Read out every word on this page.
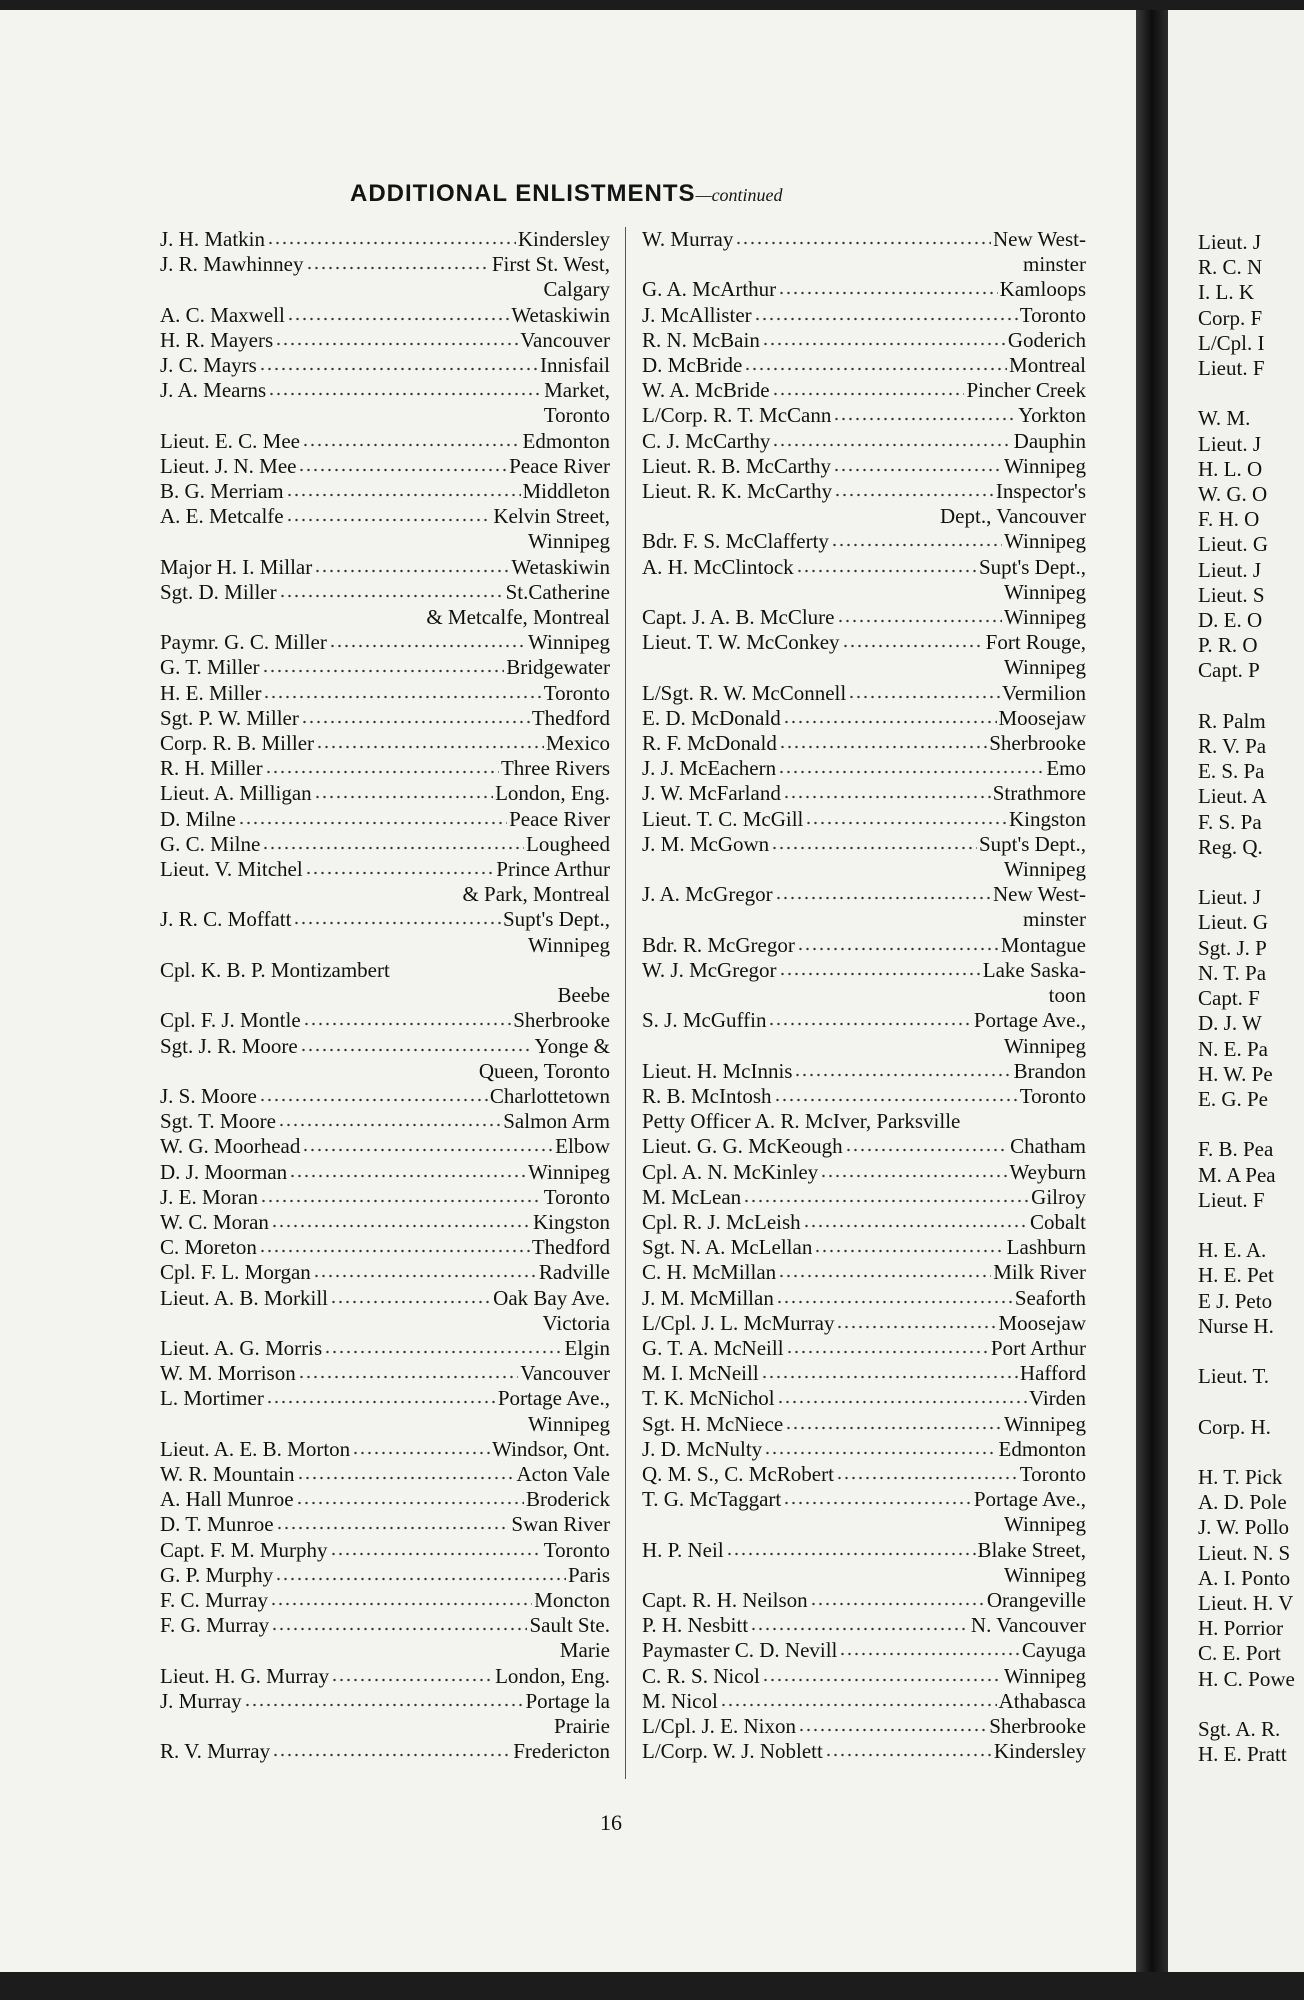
ADDITIONAL ENLISTMENTS—continued
J. H. Matkin	Kindersley
J. R. Mawhinney	First St. West,
Calgary
A. C. Maxwell	Wetaskiwin
H. R. Mayers	Vancouver
J. C. Mayrs	Innisfail
J. A. Mearns	Market,
Toronto
Lieut. E. C. Mee	Edmonton
Lieut. J. N. Mee	Peace River
B. G. Merriam	Middleton
A. E. Metcalfe	Kelvin Street,
Winnipeg
Major H. I. Millar	Wetaskiwin
Sgt. D. Miller	St.Catherine
& Metcalfe, Montreal
Paymr. G. C. Miller	Winnipeg
G. T. Miller	Bridgewater
H. E. Miller	Toronto
Sgt. P. W. Miller	Thedford
Corp. R. B. Miller	Mexico
R. H. Miller	Three Rivers
Lieut. A. Milligan	London, Eng.
D. Milne	Peace River
G. C. Milne	Lougheed
Lieut. V. Mitchel	Prince Arthur
& Park, Montreal
J. R. C. Moffatt	Supt's Dept.,
Winnipeg
Cpl. K. B. P. Montizambert
Beebe
Cpl. F. J. Montle	Sherbrooke
Sgt. J. R. Moore	Yonge &
Queen, Toronto
J. S. Moore	Charlottetown
Sgt. T. Moore	Salmon Arm
W. G. Moorhead	Elbow
D. J. Moorman	Winnipeg
J. E. Moran	Toronto
W. C. Moran	Kingston
C. Moreton	Thedford
Cpl. F. L. Morgan	Radville
Lieut. A. B. Morkill	Oak Bay Ave.
Victoria
Lieut. A. G. Morris	Elgin
W. M. Morrison	Vancouver
L. Mortimer	Portage Ave.,
Winnipeg
Lieut. A. E. B. Morton	Windsor, Ont.
W. R. Mountain	Acton Vale
A. Hall Munroe	Broderick
D. T. Munroe	Swan River
Capt. F. M. Murphy	Toronto
G. P. Murphy	Paris
F. C. Murray	Moncton
F. G. Murray	Sault Ste.
Marie
Lieut. H. G. Murray	London, Eng.
J. Murray	Portage la
Prairie
R. V. Murray	Fredericton
W. Murray	New West-
minster
G. A. McArthur	Kamloops
J. McAllister	Toronto
R. N. McBain	Goderich
D. McBride	Montreal
W. A. McBride	Pincher Creek
L/Corp. R. T. McCann	Yorkton
C. J. McCarthy	Dauphin
Lieut. R. B. McCarthy	Winnipeg
Lieut. R. K. McCarthy	Inspector's
Dept., Vancouver
Bdr. F. S. McClafferty	Winnipeg
A. H. McClintock	Supt's Dept.,
Winnipeg
Capt. J. A. B. McClure	Winnipeg
Lieut. T. W. McConkey	Fort Rouge,
Winnipeg
L/Sgt. R. W. McConnell	Vermilion
E. D. McDonald	Moosejaw
R. F. McDonald	Sherbrooke
J. J. McEachern	Emo
J. W. McFarland	Strathmore
Lieut. T. C. McGill	Kingston
J. M. McGown	Supt's Dept.,
Winnipeg
J. A. McGregor	New West-
minster
Bdr. R. McGregor	Montague
W. J. McGregor	Lake Saska-
toon
S. J. McGuffin	Portage Ave.,
Winnipeg
Lieut. H. McInnis	Brandon
R. B. McIntosh	Toronto
Petty Officer A. R. McIver, Parksville
Lieut. G. G. McKeough	Chatham
Cpl. A. N. McKinley	Weyburn
M. McLean	Gilroy
Cpl. R. J. McLeish	Cobalt
Sgt. N. A. McLellan	Lashburn
C. H. McMillan	Milk River
J. M. McMillan	Seaforth
L/Cpl. J. L. McMurray	Moosejaw
G. T. A. McNeill	Port Arthur
M. I. McNeill	Hafford
T. K. McNichol	Virden
Sgt. H. McNiece	Winnipeg
J. D. McNulty	Edmonton
Q. M. S., C. McRobert	Toronto
T. G. McTaggart	Portage Ave.,
Winnipeg
H. P. Neil	Blake Street,
Winnipeg
Capt. R. H. Neilson	Orangeville
P. H. Nesbitt	N. Vancouver
Paymaster C. D. Nevill	Cayuga
C. R. S. Nicol	Winnipeg
M. Nicol	Athabasca
L/Cpl. J. E. Nixon	Sherbrooke
L/Corp. W. J. Noblett	Kindersley
16
Lieut. J
R. C. N
I. L. K
Corp. F
L/Cpl. I
Lieut. F

W. M.
Lieut. J
H. L. O
W. G. O
F. H. O
Lieut. G
Lieut. J
Lieut. S
D. E. O
P. R. O
Capt. P

R. Palm
R. V. Pa
E. S. Pa
Lieut. A
F. S. Pa
Reg. Q.

Lieut. J
Lieut. G
Sgt. J. P
N. T. Pa
Capt. F
D. J. W
N. E. Pa
H. W. Pe
E. G. Pe

F. B. Pea
M. A Pea
Lieut. F

H. E. A.
H. E. Pet
E J. Peto
Nurse H.

Lieut. T.

Corp. H.

H. T. Pick
A. D. Pole
J. W. Pollo
Lieut. N. S
A. I. Ponto
Lieut. H. V
H. Porrior
C. E. Port
H. C. Powe

Sgt. A. R.
H. E. Pratt
